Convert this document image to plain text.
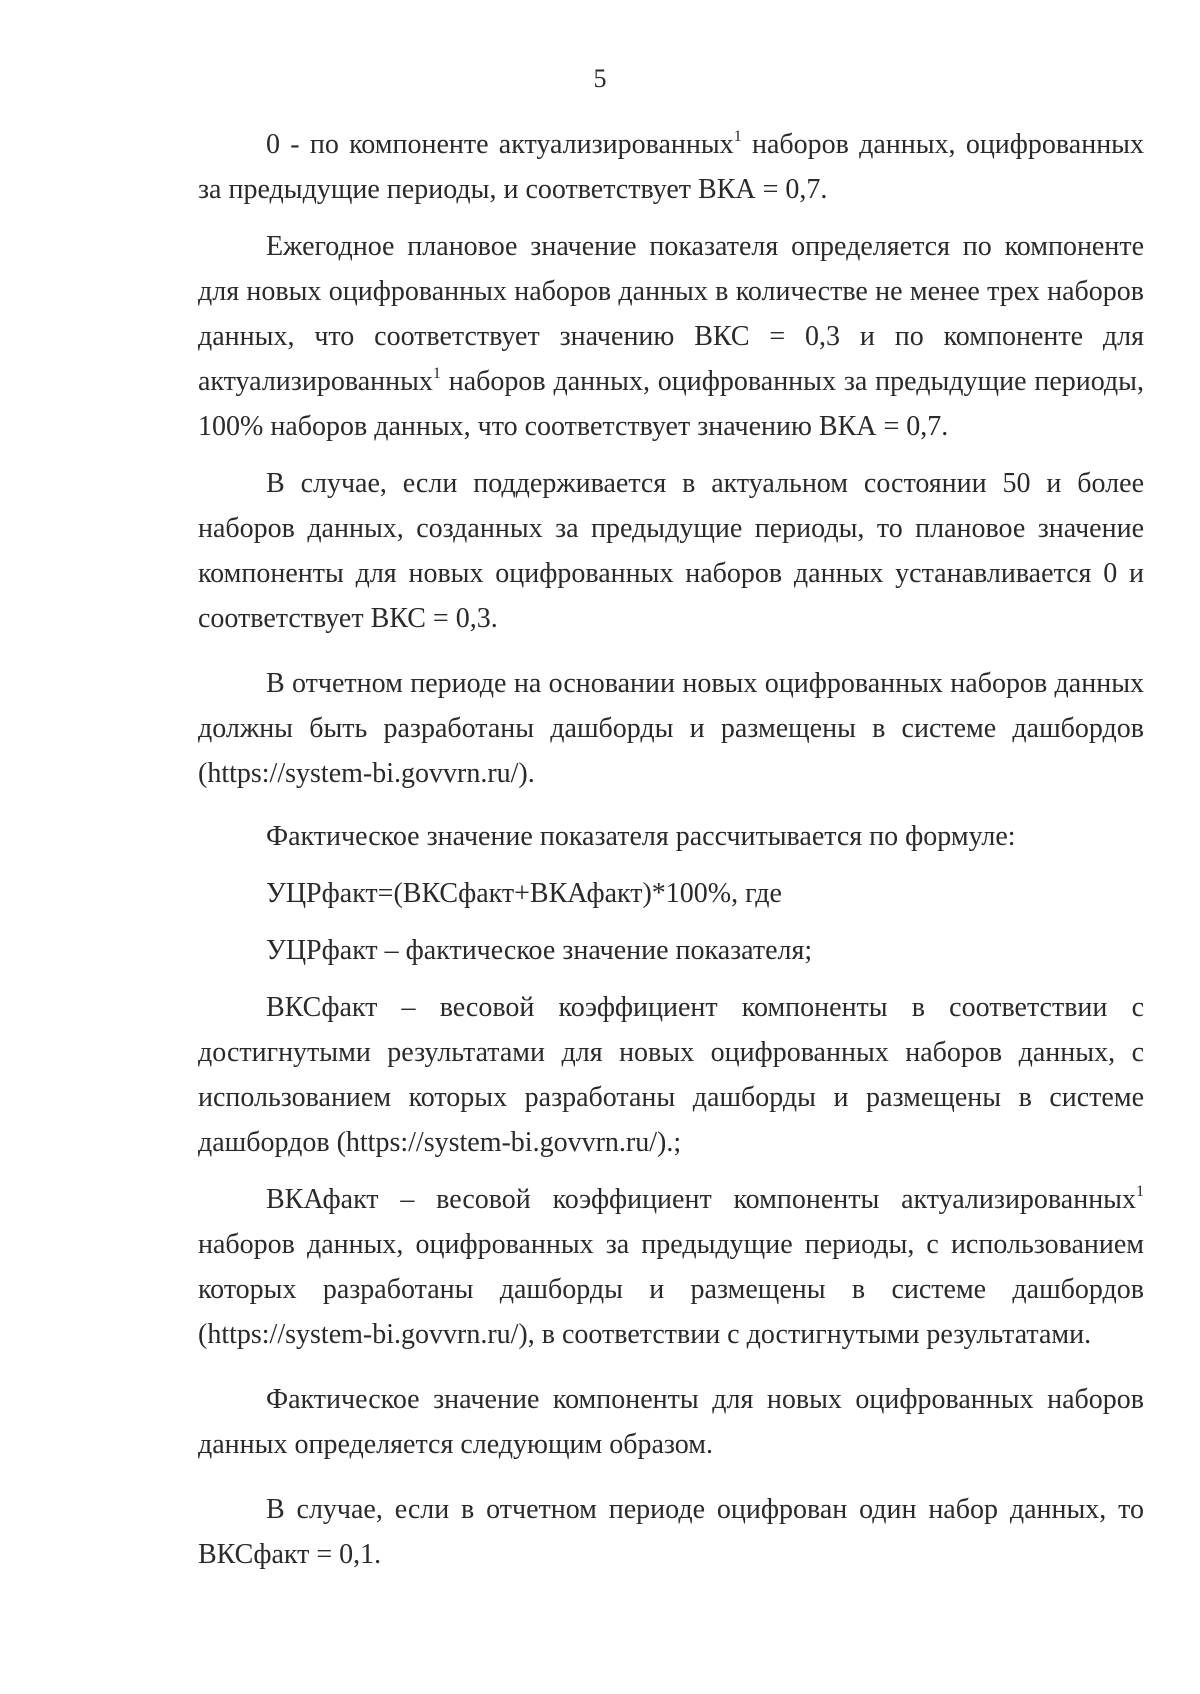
5

0 - по компоненте актуализированных$^1$ наборов данных, оцифрованных за предыдущие периоды, и соответствует ВКА = 0,7.

Ежегодное плановое значение показателя определяется по компоненте для новых оцифрованных наборов данных в количестве не менее трех наборов данных, что соответствует значению ВКС = 0,3 и по компоненте для актуализированных$^1$ наборов данных, оцифрованных за предыдущие периоды, 100% наборов данных, что соответствует значению ВКА = 0,7.

В случае, если поддерживается в актуальном состоянии 50 и более наборов данных, созданных за предыдущие периоды, то плановое значение компоненты для новых оцифрованных наборов данных устанавливается 0 и соответствует ВКС = 0,3.

В отчетном периоде на основании новых оцифрованных наборов данных должны быть разработаны дашборды и размещены в системе дашбордов (https://system-bi.govvrn.ru/).

Фактическое значение показателя рассчитывается по формуле:

УЦРфакт=(ВКСфакт+ВКАфакт)*100%, где

УЦРфакт – фактическое значение показателя;

ВКСфакт – весовой коэффициент компоненты в соответствии с достигнутыми результатами для новых оцифрованных наборов данных, с использованием которых разработаны дашборды и размещены в системе дашбордов (https://system-bi.govvrn.ru/).;

ВКАфакт – весовой коэффициент компоненты актуализированных$^1$ наборов данных, оцифрованных за предыдущие периоды, с использованием которых разработаны дашборды и размещены в системе дашбордов (https://system-bi.govvrn.ru/), в соответствии с достигнутыми результатами.

Фактическое значение компоненты для новых оцифрованных наборов данных определяется следующим образом.

В случае, если в отчетном периоде оцифрован один набор данных, то ВКСфакт = 0,1.
